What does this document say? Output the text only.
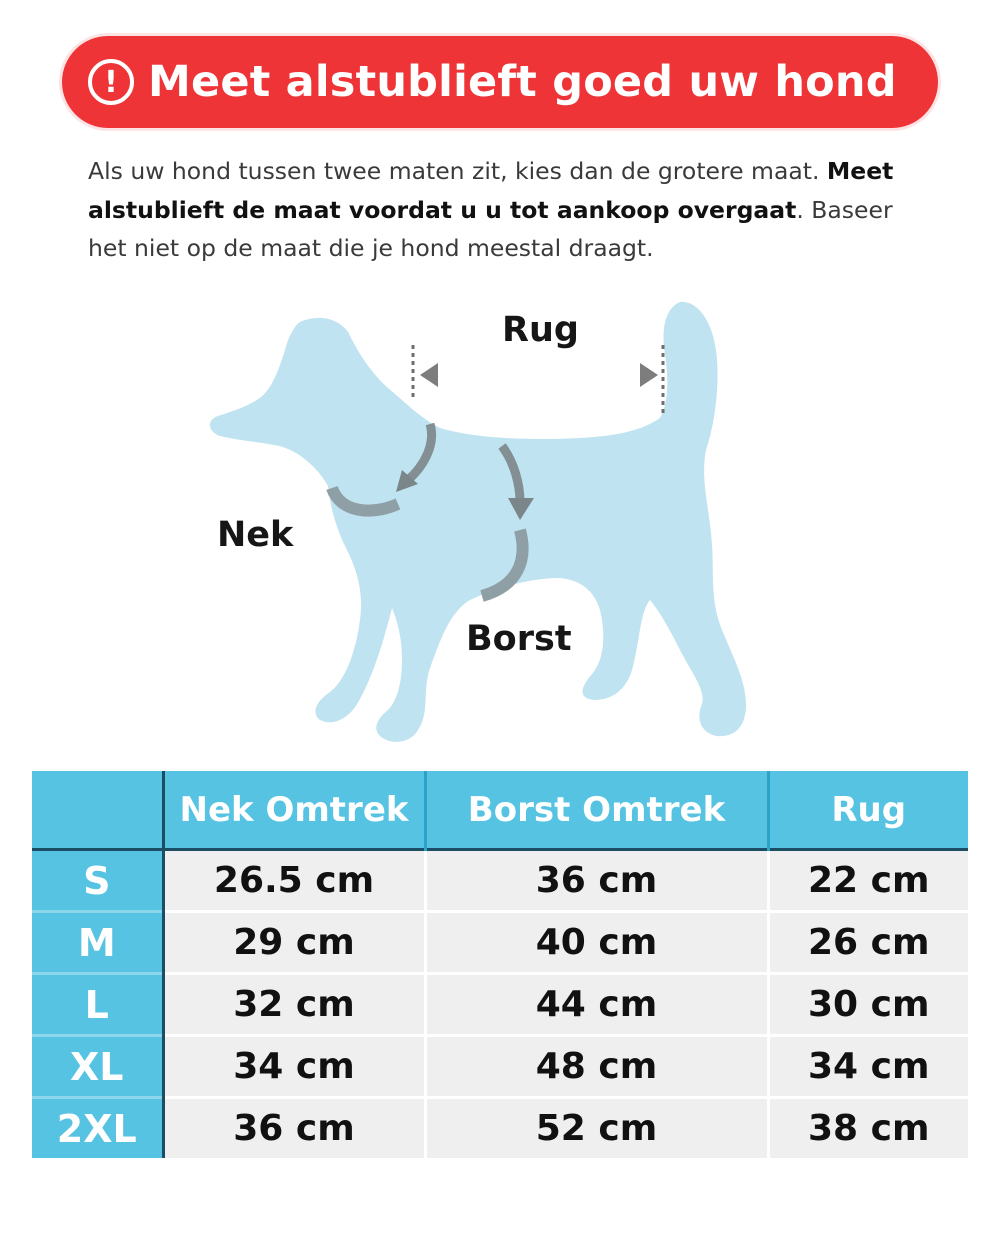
! Meet alstublieft goed uw hond
Als uw hond tussen twee maten zit, kies dan de grotere maat. Meet alstublieft de maat voordat u u tot aankoop overgaat. Baseer het niet op de maat die je hond meestal draagt.
Rug
Nek
Borst
	Nek Omtrek	Borst Omtrek	Rug
S	26.5 cm	36 cm	22 cm
M	29 cm	40 cm	26 cm
L	32 cm	44 cm	30 cm
XL	34 cm	48 cm	34 cm
2XL	36 cm	52 cm	38 cm
